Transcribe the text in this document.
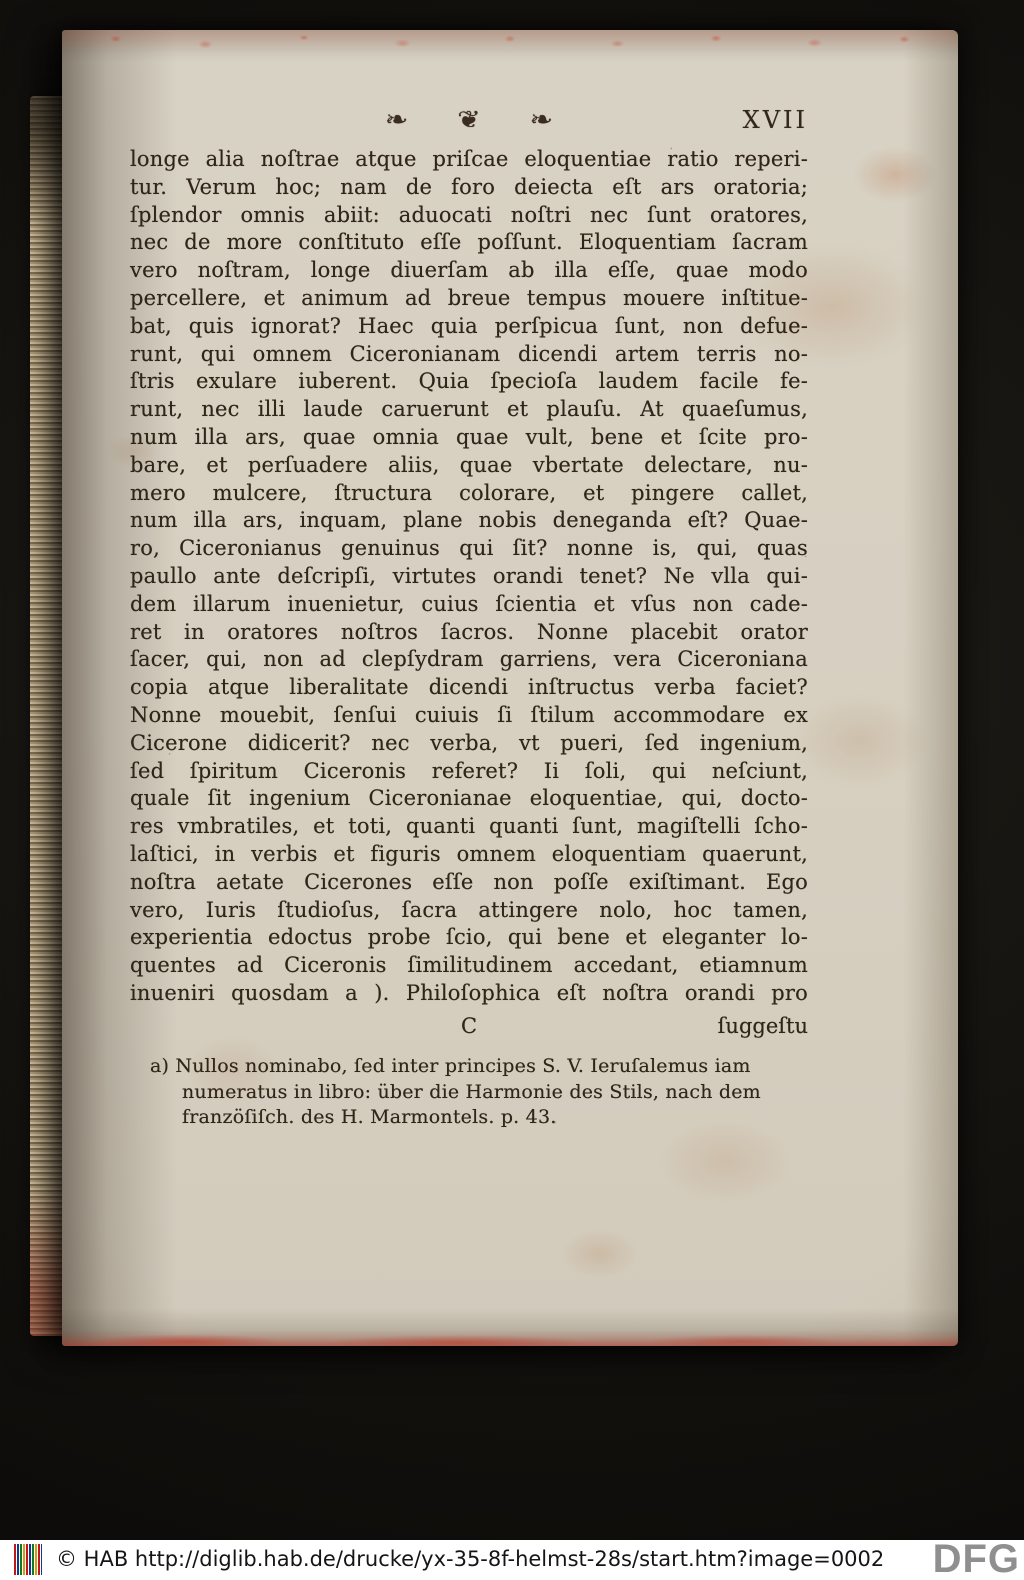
❧ ❦ ❧	XVII
longe alia noſtrae atque priſcae eloquentiae ratio reperi-
tur. Verum hoc; nam de foro deiecta eſt ars oratoria;
ſplendor omnis abiit: aduocati noſtri nec ſunt oratores,
nec de more conſtituto eſſe poſſunt. Eloquentiam ſacram
vero noſtram, longe diuerſam ab illa eſſe, quae modo
percellere, et animum ad breue tempus mouere inſtitue-
bat, quis ignorat? Haec quia perſpicua ſunt, non defue-
runt, qui omnem Ciceronianam dicendi artem terris no-
ſtris exulare iuberent. Quia ſpecioſa laudem facile fe-
runt, nec illi laude caruerunt et plauſu. At quaeſumus,
num illa ars, quae omnia quae vult, bene et ſcite pro-
bare, et perſuadere aliis, quae vbertate delectare, nu-
mero mulcere, ſtructura colorare, et pingere callet,
num illa ars, inquam, plane nobis deneganda eſt? Quae-
ro, Ciceronianus genuinus qui ſit? nonne is, qui, quas
paullo ante deſcripſi, virtutes orandi tenet? Ne vlla qui-
dem illarum inuenietur, cuius ſcientia et vſus non cade-
ret in oratores noſtros ſacros. Nonne placebit orator
ſacer, qui, non ad clepſydram garriens, vera Ciceroniana
copia atque liberalitate dicendi inſtructus verba faciet?
Nonne mouebit, ſenſui cuiuis ſi ſtilum accommodare ex
Cicerone didicerit? nec verba, vt pueri, ſed ingenium,
ſed ſpiritum Ciceronis referet? Ii ſoli, qui neſciunt,
quale ſit ingenium Ciceronianae eloquentiae, qui, docto-
res vmbratiles, et toti, quanti quanti ſunt, magiſtelli ſcho-
laſtici, in verbis et figuris omnem eloquentiam quaerunt,
noſtra aetate Cicerones eſſe non poſſe exiſtimant. Ego
vero, Iuris ſtudioſus, ſacra attingere nolo, hoc tamen,
experientia edoctus probe ſcio, qui bene et eleganter lo-
quentes ad Ciceronis ſimilitudinem accedant, etiamnum
inueniri quosdam a ). Philoſophica eſt noſtra orandi pro
C	ſuggeſtu
a) Nullos nominabo, ſed inter principes S. V. Ieruſalemus iam
numeratus in libro: über die Harmonie des Stils, nach dem
franzöſiſch. des H. Marmontels. p. 43.
© HAB http://diglib.hab.de/drucke/yx-35-8f-helmst-28s/start.htm?image=0002 DFG
